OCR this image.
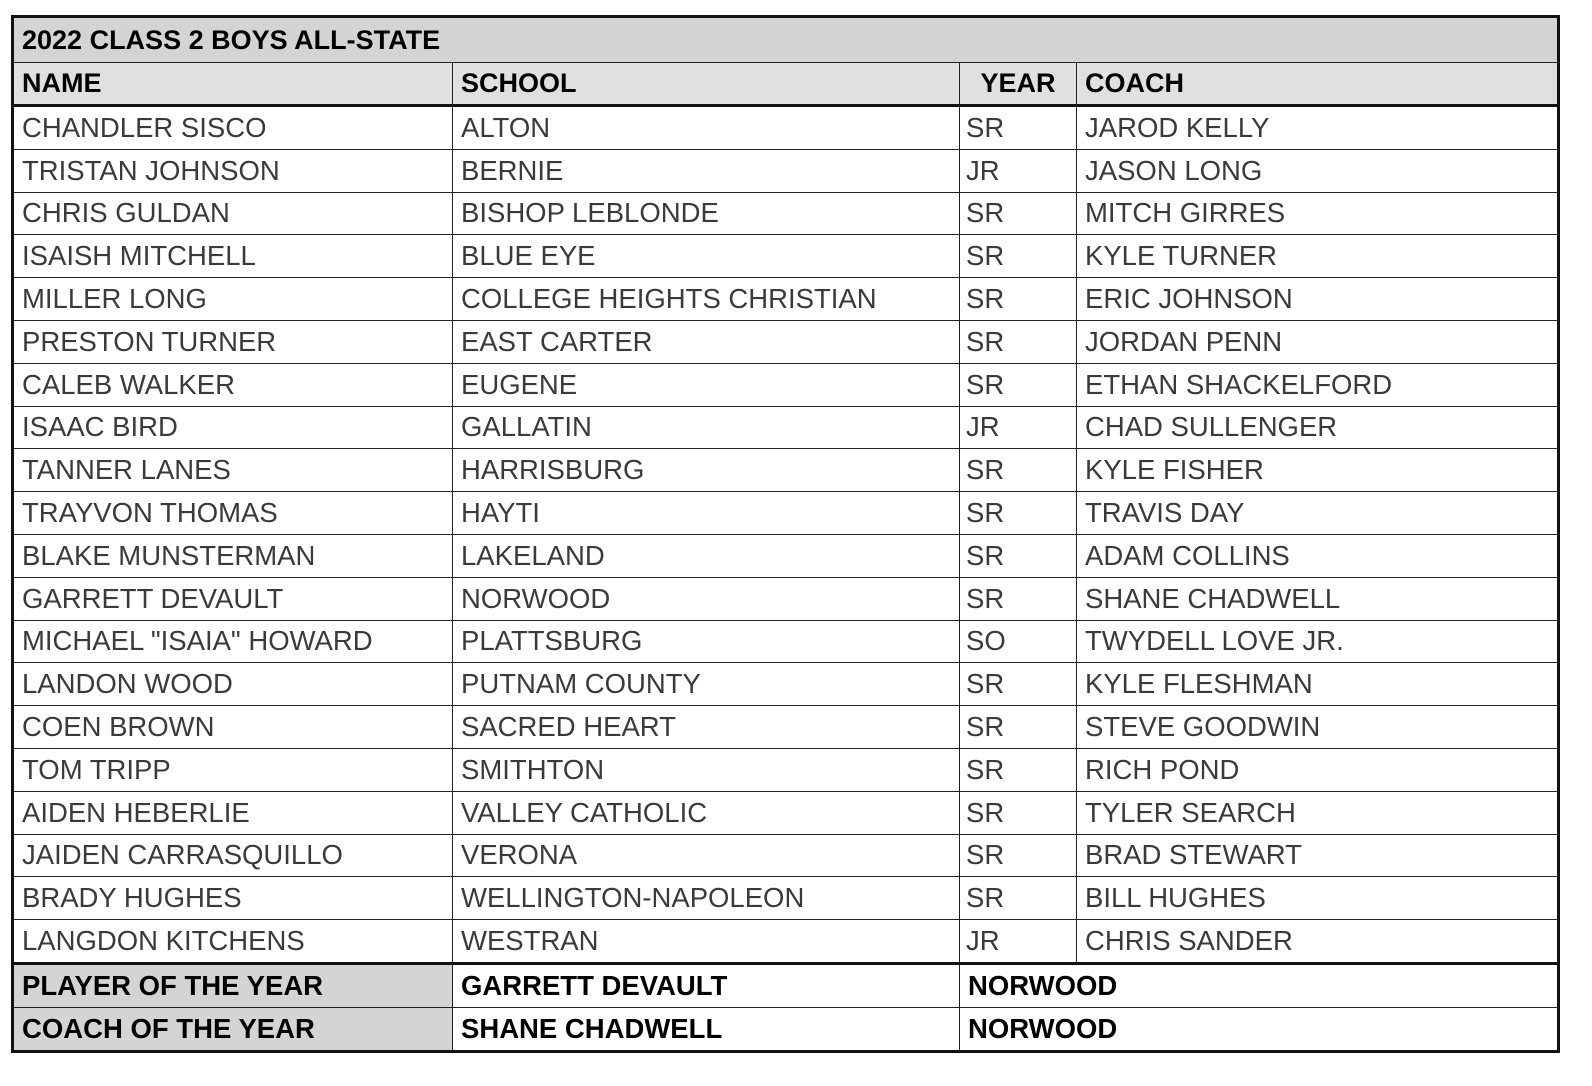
2022 CLASS 2 BOYS ALL-STATE			
NAME	SCHOOL	YEAR	COACH
CHANDLER SISCO	ALTON	SR	JAROD KELLY
TRISTAN JOHNSON	BERNIE	JR	JASON LONG
CHRIS GULDAN	BISHOP LEBLONDE	SR	MITCH GIRRES
ISAISH MITCHELL	BLUE EYE	SR	KYLE TURNER
MILLER LONG	COLLEGE HEIGHTS CHRISTIAN	SR	ERIC JOHNSON
PRESTON TURNER	EAST CARTER	SR	JORDAN PENN
CALEB WALKER	EUGENE	SR	ETHAN SHACKELFORD
ISAAC BIRD	GALLATIN	JR	CHAD SULLENGER
TANNER LANES	HARRISBURG	SR	KYLE FISHER
TRAYVON THOMAS	HAYTI	SR	TRAVIS DAY
BLAKE MUNSTERMAN	LAKELAND	SR	ADAM COLLINS
GARRETT DEVAULT	NORWOOD	SR	SHANE CHADWELL
MICHAEL "ISAIA" HOWARD	PLATTSBURG	SO	TWYDELL LOVE JR.
LANDON WOOD	PUTNAM COUNTY	SR	KYLE FLESHMAN
COEN BROWN	SACRED HEART	SR	STEVE GOODWIN
TOM TRIPP	SMITHTON	SR	RICH POND
AIDEN HEBERLIE	VALLEY CATHOLIC	SR	TYLER SEARCH
JAIDEN CARRASQUILLO	VERONA	SR	BRAD STEWART
BRADY HUGHES	WELLINGTON-NAPOLEON	SR	BILL HUGHES
LANGDON KITCHENS	WESTRAN	JR	CHRIS SANDER
PLAYER OF THE YEAR	GARRETT DEVAULT	NORWOOD	
COACH OF THE YEAR	SHANE CHADWELL	NORWOOD	
